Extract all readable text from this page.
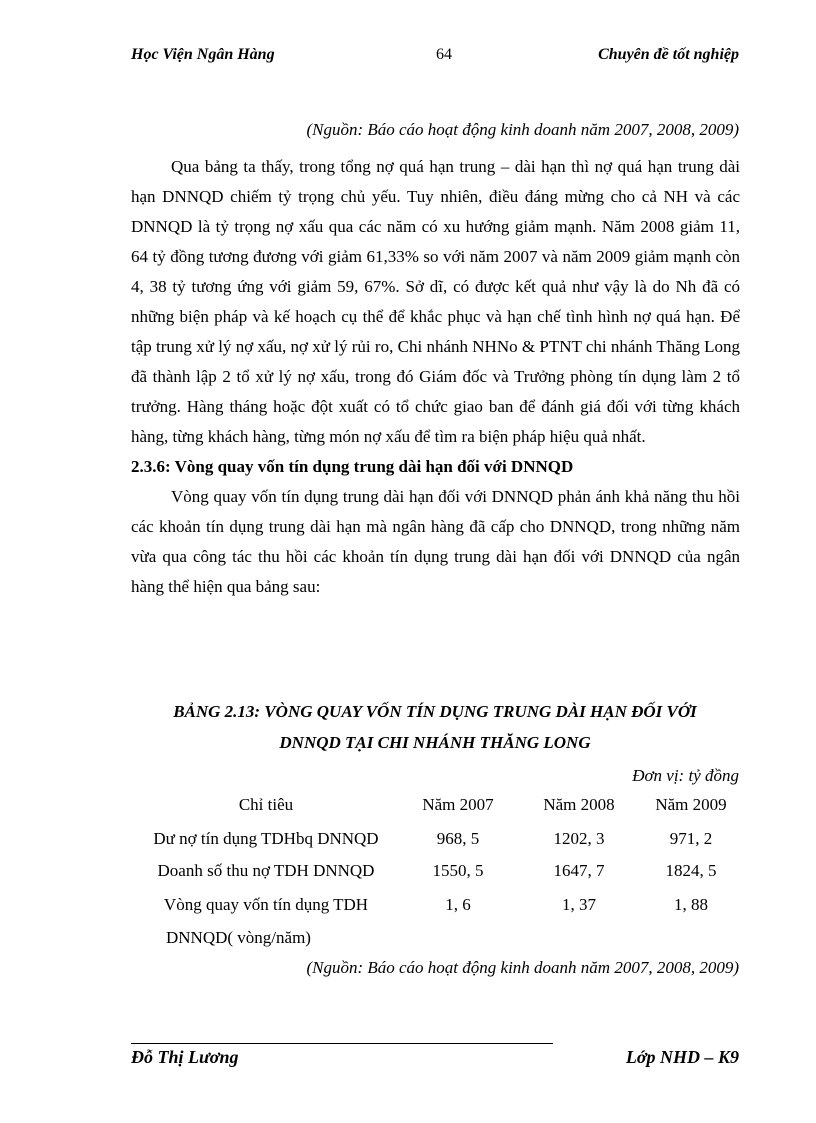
Học Viện Ngân Hàng	64	Chuyên đề tốt nghiệp
(Nguồn: Báo cáo hoạt động kinh doanh năm 2007, 2008, 2009)

Qua bảng ta thấy, trong tổng nợ quá hạn trung – dài hạn thì nợ quá hạn trung dài hạn DNNQD chiếm tỷ trọng chủ yếu. Tuy nhiên, điều đáng mừng cho cả NH và các DNNQD là tỷ trọng nợ xấu qua các năm có xu hướng giảm mạnh. Năm 2008 giảm 11, 64 tỷ đồng tương đương với giảm 61,33% so với năm 2007 và năm 2009 giảm mạnh còn 4, 38 tỷ tương ứng với giảm 59, 67%. Sở dĩ, có được kết quả như vậy là do Nh đã có những biện pháp và kế hoạch cụ thể để khắc phục và hạn chế tình hình nợ quá hạn. Để tập trung xử lý nợ xấu, nợ xử lý rủi ro, Chi nhánh NHNo & PTNT chi nhánh Thăng Long đã thành lập 2 tổ xử lý nợ xấu, trong đó Giám đốc và Trưởng phòng tín dụng làm 2 tổ trưởng. Hàng tháng hoặc đột xuất có tổ chức giao ban để đánh giá đối với từng khách hàng, từng khách hàng, từng món nợ xấu để tìm ra biện pháp hiệu quả nhất.

2.3.6: Vòng quay vốn tín dụng trung dài hạn đối với DNNQD

Vòng quay vốn tín dụng trung dài hạn đối với DNNQD phản ánh khả năng thu hồi các khoản tín dụng trung dài hạn mà ngân hàng đã cấp cho DNNQD, trong những năm vừa qua công tác thu hồi các khoản tín dụng trung dài hạn đối với DNNQD của ngân hàng thể hiện qua bảng sau:

BẢNG 2.13: VÒNG QUAY VỐN TÍN DỤNG TRUNG DÀI HẠN ĐỐI VỚI
DNNQD TẠI CHI NHÁNH THĂNG LONG
Đơn vị: tỷ đồng
Chỉ tiêu	Năm 2007	Năm 2008	Năm 2009
Dư nợ tín dụng TDHbq DNNQD	968, 5	1202, 3	971, 2
Doanh số thu nợ TDH DNNQD	1550, 5	1647, 7	1824, 5
Vòng quay vốn tín dụng TDH	1, 6	1, 37	1, 88
DNNQD( vòng/năm)
(Nguồn: Báo cáo hoạt động kinh doanh năm 2007, 2008, 2009)
Đỗ Thị Lương	Lớp NHD – K9
